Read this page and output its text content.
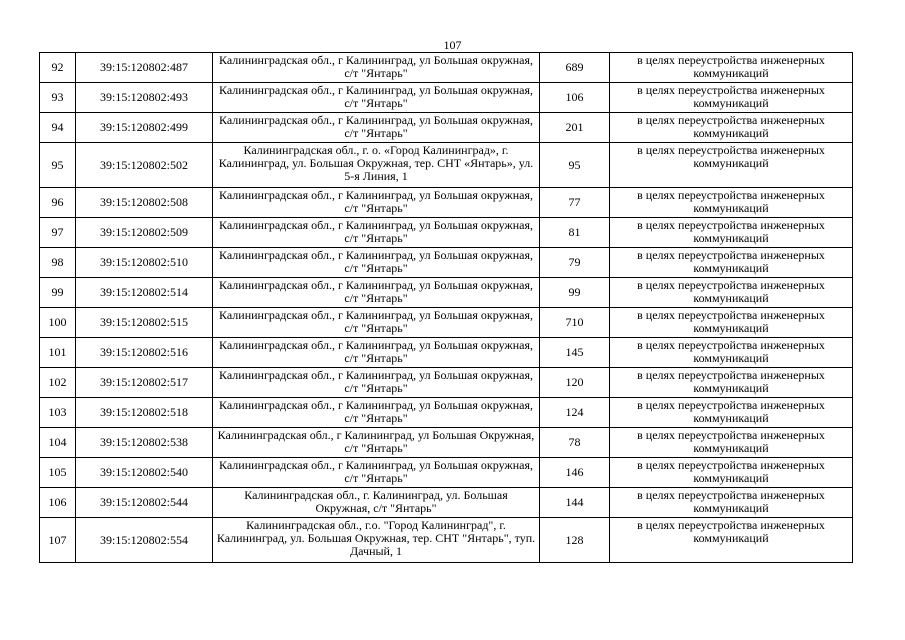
107
92	39:15:120802:487	Калининградская обл., г Калининград, ул Большая окружная, с/т "Янтарь"	689	в целях переустройства инженерных коммуникаций
93	39:15:120802:493	Калининградская обл., г Калининград, ул Большая окружная, с/т "Янтарь"	106	в целях переустройства инженерных коммуникаций
94	39:15:120802:499	Калининградская обл., г Калининград, ул Большая окружная, с/т "Янтарь"	201	в целях переустройства инженерных коммуникаций
95	39:15:120802:502	Калининградская обл., г. о. «Город Калининград», г. Калининград, ул. Большая Окружная, тер. СНТ «Янтарь», ул. 5-я Линия, 1	95	в целях переустройства инженерных коммуникаций
96	39:15:120802:508	Калининградская обл., г Калининград, ул Большая окружная, с/т "Янтарь"	77	в целях переустройства инженерных коммуникаций
97	39:15:120802:509	Калининградская обл., г Калининград, ул Большая окружная, с/т "Янтарь"	81	в целях переустройства инженерных коммуникаций
98	39:15:120802:510	Калининградская обл., г Калининград, ул Большая окружная, с/т "Янтарь"	79	в целях переустройства инженерных коммуникаций
99	39:15:120802:514	Калининградская обл., г Калининград, ул Большая окружная, с/т "Янтарь"	99	в целях переустройства инженерных коммуникаций
100	39:15:120802:515	Калининградская обл., г Калининград, ул Большая окружная, с/т "Янтарь"	710	в целях переустройства инженерных коммуникаций
101	39:15:120802:516	Калининградская обл., г Калининград, ул Большая окружная, с/т "Янтарь"	145	в целях переустройства инженерных коммуникаций
102	39:15:120802:517	Калининградская обл., г Калининград, ул Большая окружная, с/т "Янтарь"	120	в целях переустройства инженерных коммуникаций
103	39:15:120802:518	Калининградская обл., г Калининград, ул Большая окружная, с/т "Янтарь"	124	в целях переустройства инженерных коммуникаций
104	39:15:120802:538	Калининградская обл., г Калининград, ул Большая Окружная, с/т "Янтарь"	78	в целях переустройства инженерных коммуникаций
105	39:15:120802:540	Калининградская обл., г Калининград, ул Большая окружная, с/т "Янтарь"	146	в целях переустройства инженерных коммуникаций
106	39:15:120802:544	Калининградская обл., г. Калининград, ул. Большая Окружная, с/т "Янтарь"	144	в целях переустройства инженерных коммуникаций
107	39:15:120802:554	Калининградская обл., г.о. "Город Калининград", г. Калининград, ул. Большая Окружная, тер. СНТ "Янтарь", туп. Дачный, 1	128	в целях переустройства инженерных коммуникаций
